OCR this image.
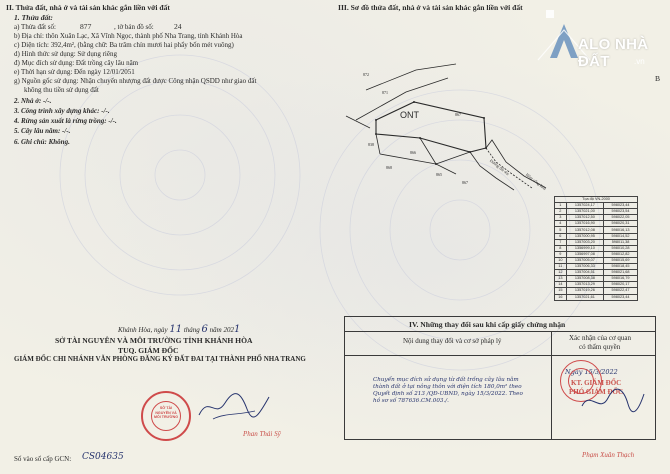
II. Thửa đất, nhà ở và tài sản khác gắn liền với đất
1. Thửa đất:
a) Thửa đất số:	877	, tờ bản đồ số:	24
b) Địa chỉ: thôn Xuân Lạc, Xã Vĩnh Ngọc, thành phố Nha Trang, tỉnh Khánh Hòa
c) Diện tích: 392,4m², (bằng chữ: Ba trăm chín mươi hai phẩy bốn mét vuông)
d) Hình thức sử dụng: Sử dụng riêng
đ) Mục đích sử dụng: Đất trồng cây lâu năm
e) Thời hạn sử dụng: Đến ngày 12/01/2051
g) Nguồn gốc sử dụng: Nhận chuyển nhượng đất được Công nhận QSDD như giao đất
không thu tiền sử dụng đất
2. Nhà ở: -/-.
3. Công trình xây dựng khác: -/-.
4. Rừng sản xuất là rừng trồng: -/-.
5. Cây lâu năm: -/-.
6. Ghi chú: Không.
III. Sơ đồ thửa đất, nhà ở và tài sản khác gắn liền với đất
ALO NHÀ ĐẤT	.vn
B
ONT
872
871
867
838
866
865
867
868	Đường đất 4m
Hồm cống Hòa
Tọa độ VN-2000		
1	1357024,17	598023,44
2	1357021,00	598023,54
3	1357012,50	598022,05
4	1357016,90	598020,31
5	1357012,08	598016,13
6	1357000,95	598014,52
7	1357003,20	598011,38
8	1356999,10	598010,28
9	1356997,08	598012,82
10	1357005,07	598015,69
11	1357006,33	598018,45
12	1357004,51	598021,68
13	1357008,38	598016,79
14	1357013,29	598020,17
15	1357019,26	598022,47
16	1357021,61	598023,44
Khánh Hòa, ngày 11 tháng 6 năm 2021
SỞ TÀI NGUYÊN VÀ MÔI TRƯỜNG TỈNH KHÁNH HÒA
TUQ. GIÁM ĐỐC
GIÁM ĐỐC CHI NHÁNH VĂN PHÒNG ĐĂNG KÝ ĐẤT ĐAI TẠI THÀNH PHỐ NHA TRANG
SỞ TÀI NGUYÊN VÀ MÔI TRƯỜNG
Phan Thái Sỹ
Số vào sổ cấp GCN: CS04635
IV. Những thay đổi sau khi cấp giấy chứng nhận
Nội dung thay đổi và cơ sở pháp lý	Xác nhận của cơ quan
có thẩm quyền
Chuyển mục đích sử dụng từ đất trồng cây lâu năm
thành đất ở tại nông thôn với diện tích 180,0m² theo
Quyết định số 213 /QĐ-UBND, ngày 15/3/2022. Theo
hồ sơ số 787636.CM.003./.
Ngày 15/3/2022
KT. GIÁM ĐỐC
PHÓ GIÁM ĐỐC
Phạm Xuân Thạch
